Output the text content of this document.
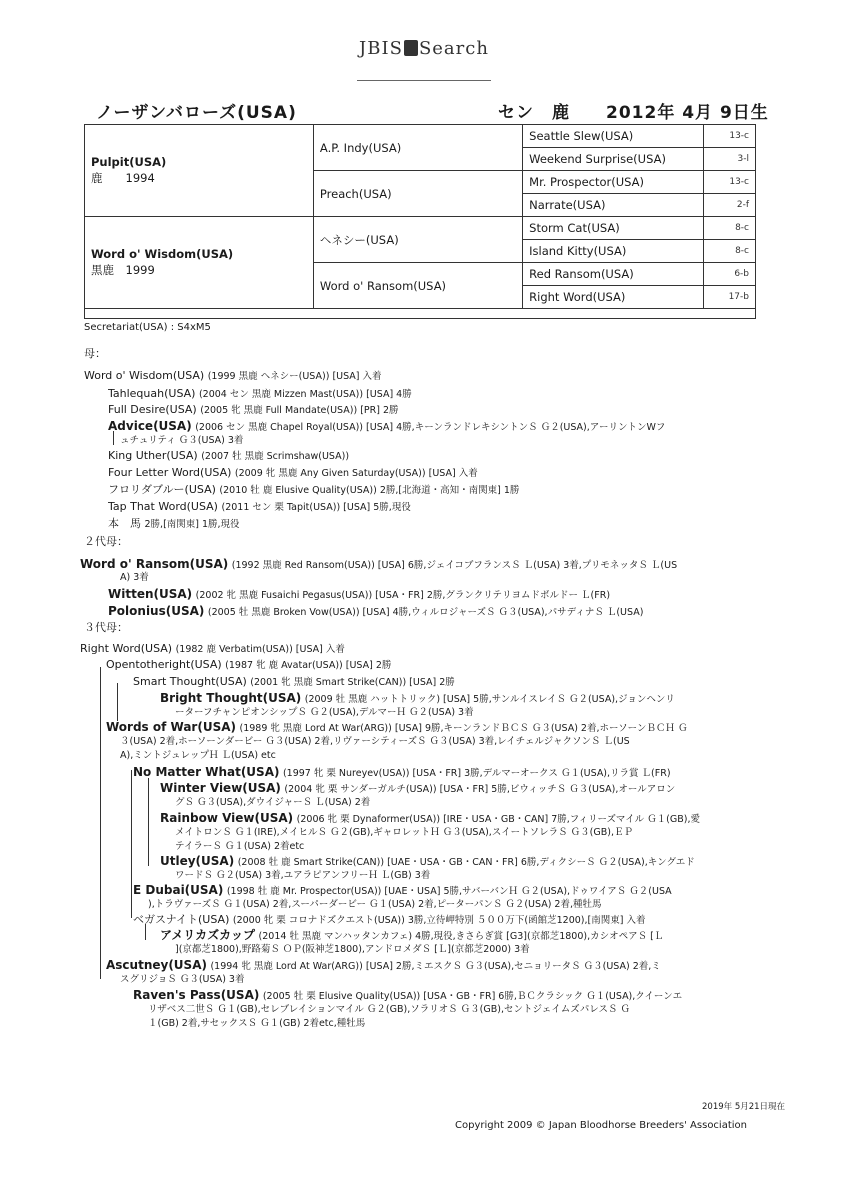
JBIS Search
ノーザンバローズ(USA)	セン　鹿　　2012年 4月 9日生
Pulpit(USA)
鹿　　1994	A.P. Indy(USA)	Seattle Slew(USA)	13-c
		Weekend Surprise(USA)	3-l
	Preach(USA)	Mr. Prospector(USA)	13-c
		Narrate(USA)	2-f
Word o' Wisdom(USA)
黒鹿　1999	ヘネシー(USA)	Storm Cat(USA)	8-c
		Island Kitty(USA)	8-c
	Word o' Ransom(USA)	Red Ransom(USA)	6-b
		Right Word(USA)	17-b

Secretariat(USA) : S4xM5
母：
２代母：
３代母：
Word o' Wisdom(USA) (1999 黒鹿 ヘネシー(USA)) [USA] 入着
Tahlequah(USA) (2004 セン 黒鹿 Mizzen Mast(USA)) [USA] 4勝
Full Desire(USA) (2005 牝 黒鹿 Full Mandate(USA)) [PR] 2勝
Advice(USA) (2006 セン 黒鹿 Chapel Royal(USA)) [USA] 4勝,キーンランドレキシントンＳ Ｇ２(USA),アーリントンWフ
ュチュリティ Ｇ３(USA) 3着
King Uther(USA) (2007 牡 黒鹿 Scrimshaw(USA))
Four Letter Word(USA) (2009 牝 黒鹿 Any Given Saturday(USA)) [USA] 入着
フロリダブルー(USA) (2010 牡 鹿 Elusive Quality(USA)) 2勝,[北海道・高知・南関東] 1勝
Tap That Word(USA) (2011 セン 栗 Tapit(USA)) [USA] 5勝,現役
本　馬 2勝,[南関東] 1勝,現役
Word o' Ransom(USA) (1992 黒鹿 Red Ransom(USA)) [USA] 6勝,ジェイコブフランスＳ Ｌ(USA) 3着,プリモネッタＳ Ｌ(US
A) 3着
Witten(USA) (2002 牝 黒鹿 Fusaichi Pegasus(USA)) [USA・FR] 2勝,グランクリテリヨムドボルドー Ｌ(FR)
Polonius(USA) (2005 牡 黒鹿 Broken Vow(USA)) [USA] 4勝,ウィルロジャーズＳ Ｇ３(USA),パサディナＳ Ｌ(USA)
Right Word(USA) (1982 鹿 Verbatim(USA)) [USA] 入着
Opentotheright(USA) (1987 牝 鹿 Avatar(USA)) [USA] 2勝
Smart Thought(USA) (2001 牝 黒鹿 Smart Strike(CAN)) [USA] 2勝
Bright Thought(USA) (2009 牡 黒鹿 ハットトリック) [USA] 5勝,サンルイスレイＳ Ｇ２(USA),ジョンヘンリ
ーターフチャンピオンシップＳ Ｇ２(USA),デルマーＨ Ｇ２(USA) 3着
Words of War(USA) (1989 牝 黒鹿 Lord At War(ARG)) [USA] 9勝,キーンランドＢＣＳ Ｇ３(USA) 2着,ホーソーンＢＣＨ Ｇ
３(USA) 2着,ホーソーンダービー Ｇ３(USA) 2着,リヴァーシティーズＳ Ｇ３(USA) 3着,レイチェルジャクソンＳ Ｌ(US
A),ミントジュレップＨ Ｌ(USA) etc
No Matter What(USA) (1997 牝 栗 Nureyev(USA)) [USA・FR] 3勝,デルマーオークス Ｇ１(USA),リラ賞 Ｌ(FR)
Winter View(USA) (2004 牝 栗 サンダーガルチ(USA)) [USA・FR] 5勝,ビウィッチＳ Ｇ３(USA),オールアロン
グＳ Ｇ３(USA),ダウイジャーＳ Ｌ(USA) 2着
Rainbow View(USA) (2006 牝 栗 Dynaformer(USA)) [IRE・USA・GB・CAN] 7勝,フィリーズマイル Ｇ１(GB),愛
メイトロンＳ Ｇ１(IRE),メイヒルＳ Ｇ２(GB),ギャロレットＨ Ｇ３(USA),スイートソレラＳ Ｇ３(GB),ＥＰ
テイラーＳ Ｇ１(USA) 2着etc
Utley(USA) (2008 牡 鹿 Smart Strike(CAN)) [UAE・USA・GB・CAN・FR] 6勝,ディクシーＳ Ｇ２(USA),キングエド
ワードＳ Ｇ２(USA) 3着,ユアラピアンフリーＨ Ｌ(GB) 3着
E Dubai(USA) (1998 牡 鹿 Mr. Prospector(USA)) [UAE・USA] 5勝,サバーバンＨ Ｇ２(USA),ドゥワイアＳ Ｇ２(USA
),トラヴァーズＳ Ｇ１(USA) 2着,スーパーダービー Ｇ１(USA) 2着,ピーターパンＳ Ｇ２(USA) 2着,種牡馬
ベガスナイト(USA) (2000 牝 栗 コロナドズクエスト(USA)) 3勝,立待岬特別 ５００万下(函館芝1200),[南関東] 入着
アメリカズカップ (2014 牡 黒鹿 マンハッタンカフェ) 4勝,現役,きさらぎ賞 [G3](京都芝1800),カシオペアＳ [Ｌ
](京都芝1800),野路菊Ｓ ＯＰ(阪神芝1800),アンドロメダＳ [Ｌ](京都芝2000) 3着
Ascutney(USA) (1994 牝 黒鹿 Lord At War(ARG)) [USA] 2勝,ミエスクＳ Ｇ３(USA),セニョリータＳ Ｇ３(USA) 2着,ミ
スグリジョＳ Ｇ３(USA) 3着
Raven's Pass(USA) (2005 牡 栗 Elusive Quality(USA)) [USA・GB・FR] 6勝,ＢＣクラシック Ｇ１(USA),クイーンエ
リザベス二世Ｓ Ｇ１(GB),セレブレイションマイル Ｇ２(GB),ソラリオＳ Ｇ３(GB),セントジェイムズパレスＳ Ｇ
１(GB) 2着,サセックスＳ Ｇ１(GB) 2着etc,種牡馬
2019年 5月21日現在
Copyright 2009 © Japan Bloodhorse Breeders' Association
